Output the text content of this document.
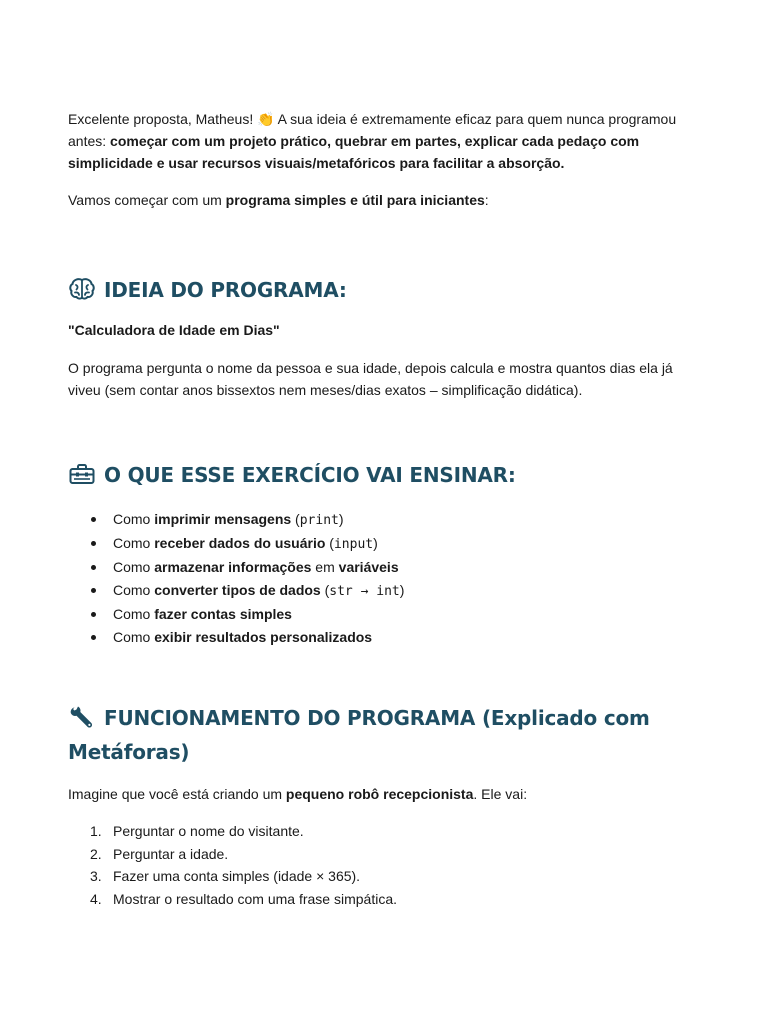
Excelente proposta, Matheus! 👏 A sua ideia é extremamente eficaz para quem nunca programou antes: começar com um projeto prático, quebrar em partes, explicar cada pedaço com simplicidade e usar recursos visuais/metafóricos para facilitar a absorção.

Vamos começar com um programa simples e útil para iniciantes:

IDEIA DO PROGRAMA:

"Calculadora de Idade em Dias"

O programa pergunta o nome da pessoa e sua idade, depois calcula e mostra quantos dias ela já viveu (sem contar anos bissextos nem meses/dias exatos – simplificação didática).

O QUE ESSE EXERCÍCIO VAI ENSINAR:
Como imprimir mensagens (print)
Como receber dados do usuário (input)
Como armazenar informações em variáveis
Como converter tipos de dados (str → int)
Como fazer contas simples
Como exibir resultados personalizados
FUNCIONAMENTO DO PROGRAMA (Explicado com Metáforas)

Imagine que você está criando um pequeno robô recepcionista. Ele vai:

1. Perguntar o nome do visitante.
2. Perguntar a idade.
3. Fazer uma conta simples (idade × 365).
4. Mostrar o resultado com uma frase simpática.
